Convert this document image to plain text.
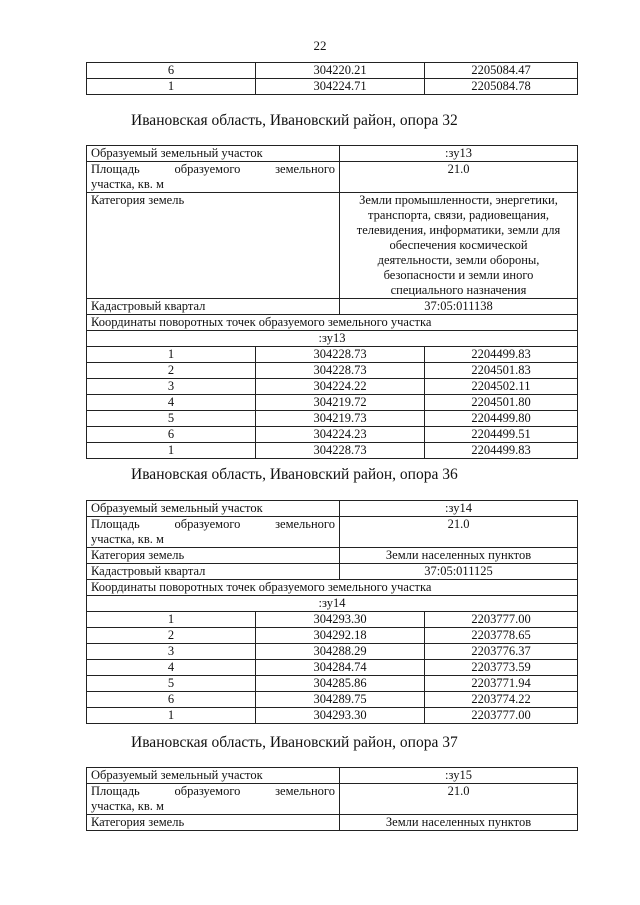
22
6	304220.21	2205084.47
1	304224.71	2205084.78
Ивановская область, Ивановский район, опора 32
Образуемый земельный участок		:зу13	

Площадь образуемого земельного
участка, кв. м		21.0	
Категория земель	Земли промышленности, энергетики,
транспорта, связи, радиовещания,
телевидения, информатики, земли для
обеспечения космической
деятельности, земли обороны,
безопасности и земли иного
специального назначения

Кадастровый квартал		37:05:011138	
Координаты поворотных точек образуемого земельного участка			
:зу13			
1	304228.73		2204499.83
2	304228.73		2204501.83
3	304224.22		2204502.11
4	304219.72		2204501.80
5	304219.73		2204499.80
6	304224.23		2204499.51
1	304228.73		2204499.83
Ивановская область, Ивановский район, опора 36
Образуемый земельный участок		:зу14	

Площадь образуемого земельного
участка, кв. м		21.0	
Категория земель		Земли населенных пунктов	
Кадастровый квартал		37:05:011125	
Координаты поворотных точек образуемого земельного участка			
:зу14			
1	304293.30		2203777.00
2	304292.18		2203778.65
3	304288.29		2203776.37
4	304284.74		2203773.59
5	304285.86		2203771.94
6	304289.75		2203774.22
1	304293.30		2203777.00
Ивановская область, Ивановский район, опора 37
Образуемый земельный участок	:зу15

Площадь образуемого земельного
участка, кв. м	21.0
Категория земель	Земли населенных пунктов
